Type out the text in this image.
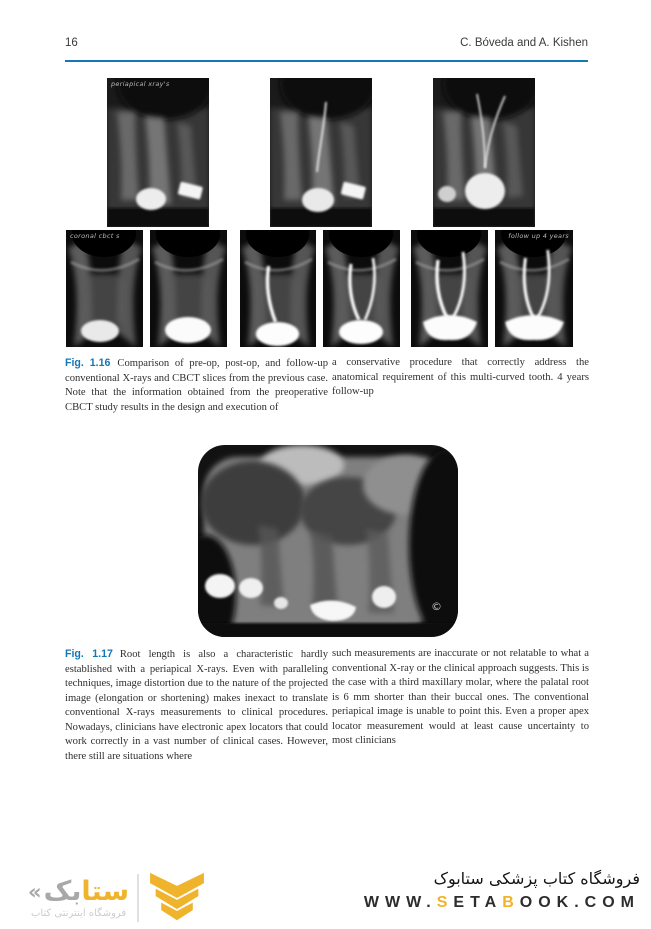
16	C. Bóveda and A. Kishen
periapical xray's
coronal cbct s	follow up 4 years

Fig. 1.16 Comparison of pre-op, post-op, and follow-up conventional X-rays and CBCT slices from the previous case. Note that the information obtained from the preoperative CBCT study results in the design and execution of

a conservative procedure that correctly address the anatomical requirement of this multi-curved tooth. 4 years follow-up

©

Fig. 1.17 Root length is also a characteristic hardly established with a periapical X-rays. Even with paralleling techniques, image distortion due to the nature of the projected image (elongation or shortening) makes inexact to translate conventional X-rays measurements to clinical procedures. Nowadays, clinicians have electronic apex locators that could work correctly in a vast number of clinical cases. However, there still are situations where

such measurements are inaccurate or not relatable to what a conventional X-ray or the clinical approach suggests. This is the case with a third maxillary molar, where the palatal root is 6 mm shorter than their buccal ones. The conventional periapical image is unable to point this. Even a proper apex locator measurement would at least cause uncertainty to most clinicians

«	ستابک
فروشگاه اینترنتی کتاب
فروشگاه کتاب پزشکی ستابوک
WWW.SETABOOK.COM
